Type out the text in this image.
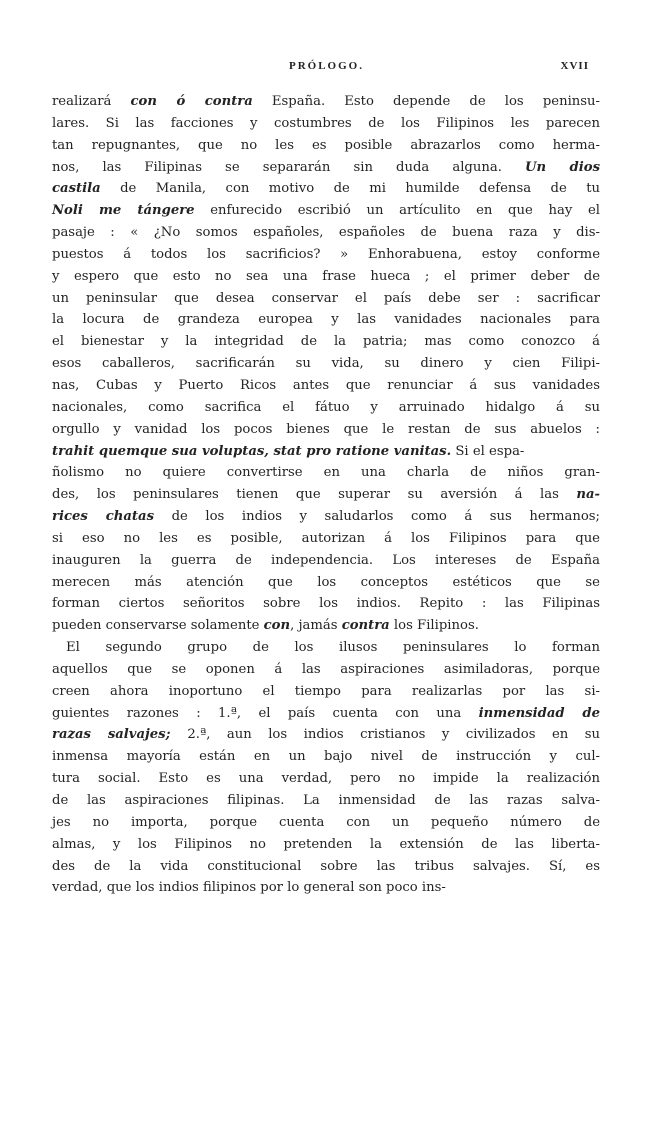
PRÓLOGO.	XVII
realizará con ó contra España. Esto depende de los peninsu-
lares. Si las facciones y costumbres de los Filipinos les parecen
tan repugnantes, que no les es posible abrazarlos como herma-
nos, las Filipinas se separarán sin duda alguna. Un dios
castila de Manila, con motivo de mi humilde defensa de tu
Noli me tángere enfurecido escribió un artículito en que hay el
pasaje : « ¿No somos españoles, españoles de buena raza y dis-
puestos á todos los sacrificios? » Enhorabuena, estoy conforme
y espero que esto no sea una frase hueca ; el primer deber de
un peninsular que desea conservar el país debe ser : sacrificar
la locura de grandeza europea y las vanidades nacionales para
el bienestar y la integridad de la patria; mas como conozco á
esos caballeros, sacrificarán su vida, su dinero y cien Filipi-
nas, Cubas y Puerto Ricos antes que renunciar á sus vanidades
nacionales, como sacrifica el fátuo y arruinado hidalgo á su
orgullo y vanidad los pocos bienes que le restan de sus abuelos :
trahit quemque sua voluptas, stat pro ratione vanitas. Si el espa-
ñolismo no quiere convertirse en una charla de niños gran-
des, los peninsulares tienen que superar su aversión á las na-
rices chatas de los indios y saludarlos como á sus hermanos;
si eso no les es posible, autorizan á los Filipinos para que
inauguren la guerra de independencia. Los intereses de España
merecen más atención que los conceptos estéticos que se
forman ciertos señoritos sobre los indios. Repito : las Filipinas
pueden conservarse solamente con, jamás contra los Filipinos.
El segundo grupo de los ilusos peninsulares lo forman
aquellos que se oponen á las aspiraciones asimiladoras, porque
creen ahora inoportuno el tiempo para realizarlas por las si-
guientes razones : 1.ª, el país cuenta con una inmensidad de
razas salvajes; 2.ª, aun los indios cristianos y civilizados en su
inmensa mayoría están en un bajo nivel de instrucción y cul-
tura social. Esto es una verdad, pero no impide la realización
de las aspiraciones filipinas. La inmensidad de las razas salva-
jes no importa, porque cuenta con un pequeño número de
almas, y los Filipinos no pretenden la extensión de las liberta-
des de la vida constitucional sobre las tribus salvajes. Sí, es
verdad, que los indios filipinos por lo general son poco ins-
